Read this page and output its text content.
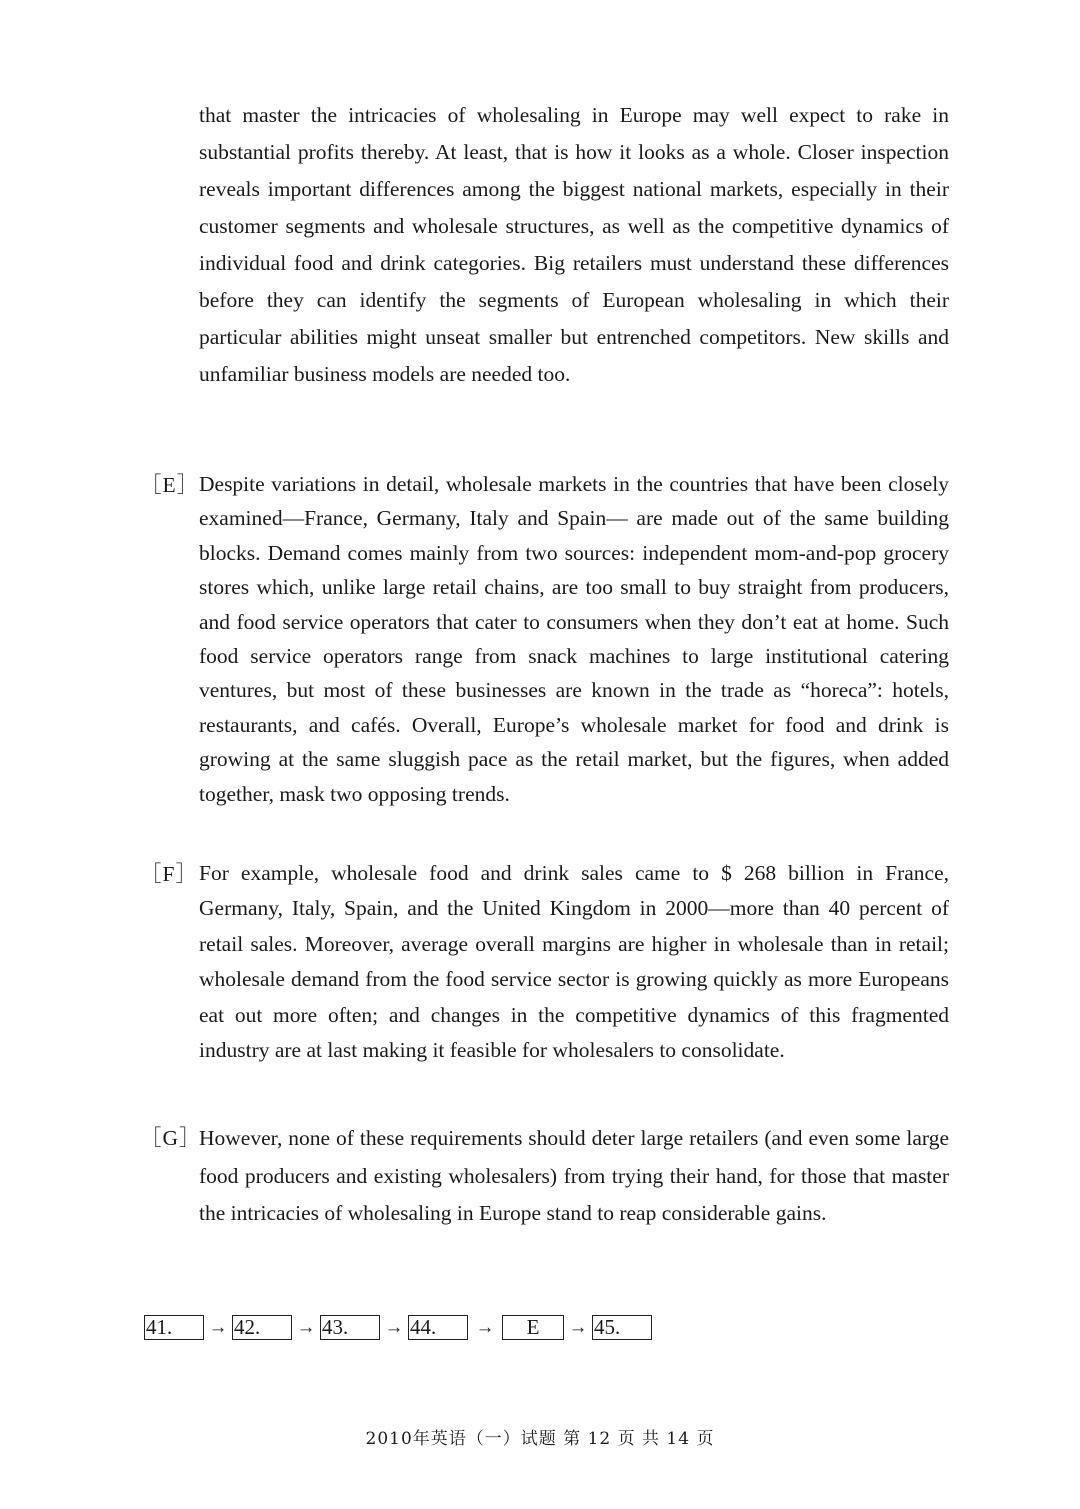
that master the intricacies of wholesaling in Europe may well expect to rake in substantial profits thereby. At least, that is how it looks as a whole. Closer inspection reveals important differences among the biggest national markets, especially in their customer segments and wholesale structures, as well as the competitive dynamics of individual food and drink categories. Big retailers must understand these differences before they can identify the segments of European wholesaling in which their particular abilities might unseat smaller but entrenched competitors. New skills and unfamiliar business models are needed too.
［E］ Despite variations in detail, wholesale markets in the countries that have been closely examined—France, Germany, Italy and Spain— are made out of the same building blocks. Demand comes mainly from two sources: independent mom-and-pop grocery stores which, unlike large retail chains, are too small to buy straight from producers, and food service operators that cater to consumers when they don’t eat at home. Such food service operators range from snack machines to large institutional catering ventures, but most of these businesses are known in the trade as “horeca”: hotels, restaurants, and cafés. Overall, Europe’s wholesale market for food and drink is growing at the same sluggish pace as the retail market, but the figures, when added together, mask two opposing trends.
［F］ For example, wholesale food and drink sales came to $ 268 billion in France, Germany, Italy, Spain, and the United Kingdom in 2000—more than 40 percent of retail sales. Moreover, average overall margins are higher in wholesale than in retail; wholesale demand from the food service sector is growing quickly as more Europeans eat out more often; and changes in the competitive dynamics of this fragmented industry are at last making it feasible for wholesalers to consolidate.
［G］
However, none of these requirements should deter large retailers (and even some large food producers and existing wholesalers) from trying their hand, for those that master the intricacies of wholesaling in Europe stand to reap considerable gains.
41.	→ 42.	→ 43.	→ 44.	→	E	→ 45.
2010年英语（一）试题 第 12 页 共 14 页
